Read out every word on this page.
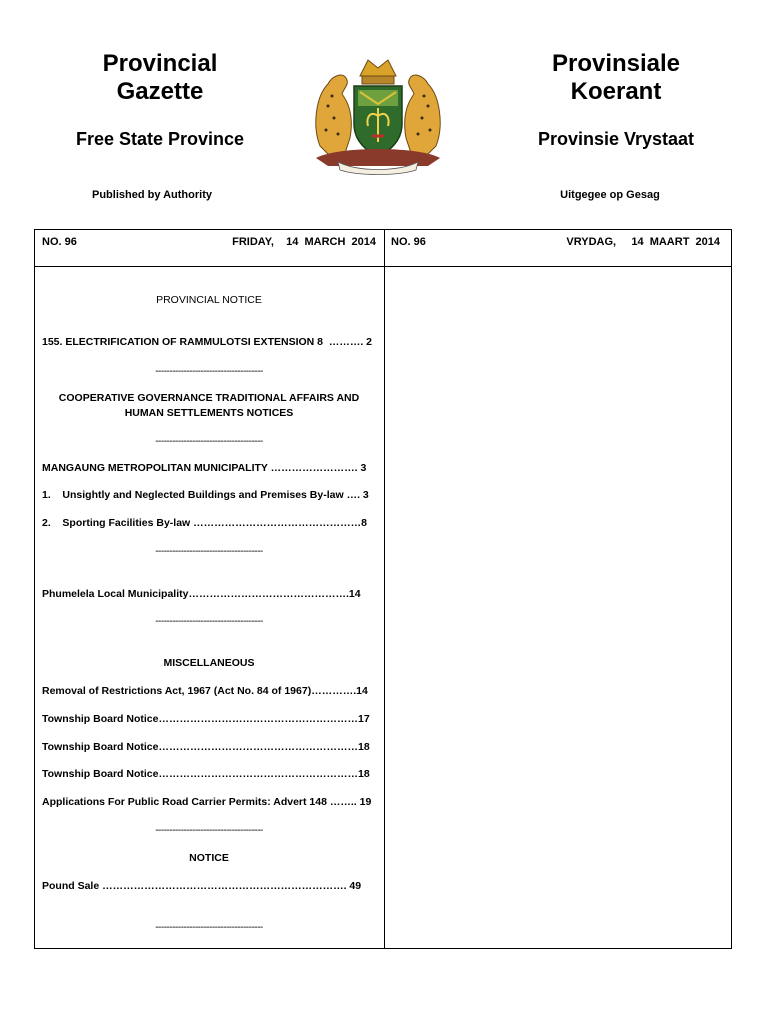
Provincial
Gazette
Free State Province
Published by Authority
Provinsiale
Koerant
Provinsie Vrystaat
Uitgegee op Gesag
NO. 96	FRIDAY,    14  MARCH  2014 NO. 96	VRYDAG,     14  MAART  2014
PROVINCIAL NOTICE
155. ELECTRIFICATION OF RAMMULOTSI EXTENSION 8  ………. 2
--------------------------------------
COOPERATIVE GOVERNANCE TRADITIONAL AFFAIRS AND
HUMAN SETTLEMENTS NOTICES
--------------------------------------
MANGAUNG METROPOLITAN MUNICIPALITY ……………………. 3
1.    Unsightly and Neglected Buildings and Premises By-law …. 3
2.    Sporting Facilities By-law …………………………………………8
--------------------------------------
Phumelela Local Municipality……………………………………….14
--------------------------------------
MISCELLANEOUS
Removal of Restrictions Act, 1967 (Act No. 84 of 1967)………….14
Township Board Notice…………………………………………………17
Township Board Notice…………………………………………………18
Township Board Notice…………………………………………………18
Applications For Public Road Carrier Permits: Advert 148 …….. 19
--------------------------------------
NOTICE
Pound Sale ……………………………………………………………. 49
--------------------------------------
